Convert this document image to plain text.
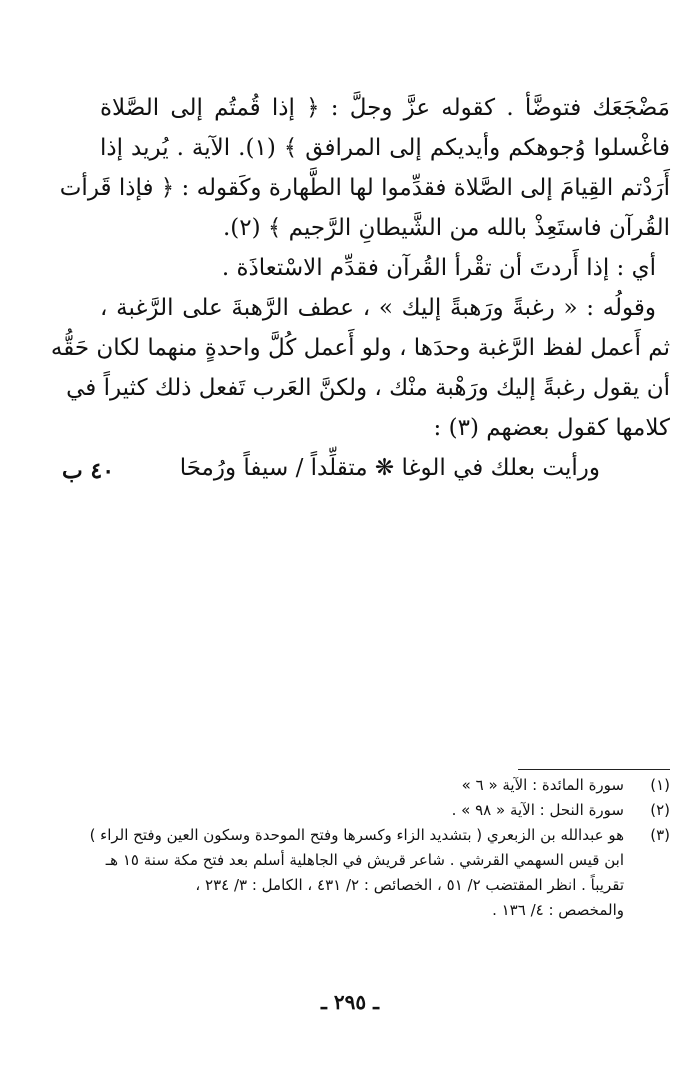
مَضْجَعَك فتوضَّأ . كقوله عزَّ وجلَّ : ﴿ إذا قُمتُم إلى الصَّلاة
فاغْسلوا وُجوهكم وأيديكم إلى المرافق ﴾ (١). الآية . يُريد إذا
أَرَدْتم القِيامَ إلى الصَّلاة فقدِّموا لها الطَّهارة وكَقوله : ﴿ فإذا قَرأت
القُرآن فاستَعِذْ بالله من الشَّيطانِ الرَّجيم ﴾ (٢).
أي : إذا أَردتَ أن تقْرأ القُرآن فقدِّم الاسْتعاذَة .
وقولُه : « رغبةً ورَهبةً إليك » ، عطف الرَّهبةَ على الرَّغبة ،
ثم أَعمل لفظ الرَّغبة وحدَها ، ولو أَعمل كُلَّ واحدةٍ منهما لكان حَقُّه
أن يقول رغبةً إليك ورَهْبة منْك ، ولكنَّ العَرب تَفعل ذلك كثيراً في
كلامها كقول بعضهم (٣) :
ورأيت بعلك في الوغا ❋ متقلِّداً / سيفاً ورُمحَا
٤٠ ب
(١)
سورة المائدة : الآية « ٦ »
(٢)
سورة النحل : الآية « ٩٨ » .
(٣)
هو عبدالله بن الزبعري ( بتشديد الزاء وكسرها وفتح الموحدة وسكون العين وفتح الراء )
ابن قيس السهمي القرشي . شاعر قريش في الجاهلية أسلم بعد فتح مكة سنة ١٥ هـ
تقريباً . انظر المقتضب ٢/ ٥١ ، الخصائص : ٢/ ٤٣١ ، الكامل : ٣/ ٢٣٤ ،
والمخصص : ٤/ ١٣٦ .
ـ ٢٩٥ ـ
